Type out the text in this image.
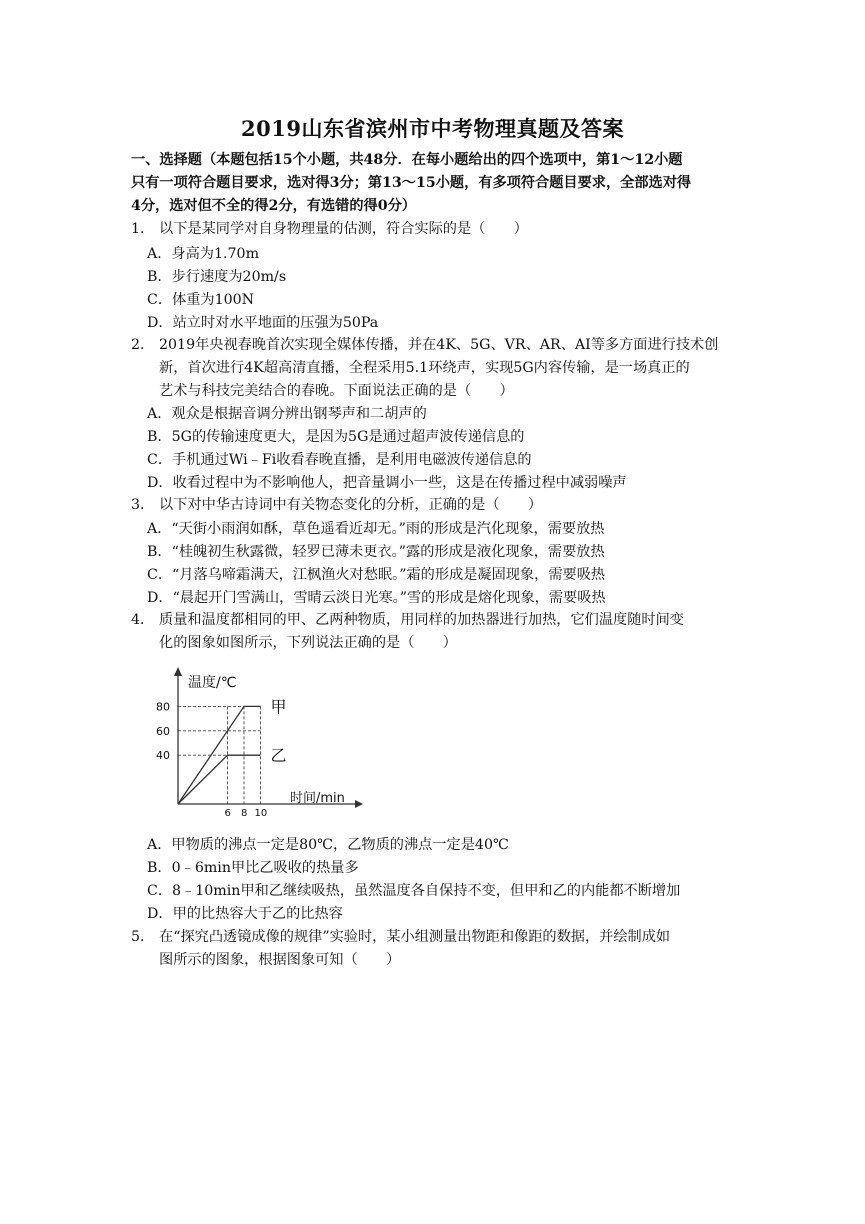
2019山东省滨州市中考物理真题及答案
一、选择题（本题包括15个小题，共48分．在每小题给出的四个选项中，第1～12小题
只有一项符合题目要求，选对得3分；第13～15小题，有多项符合题目要求，全部选对得
4分，选对但不全的得2分，有选错的得0分）
1． 以下是某同学对自身物理量的估测，符合实际的是（　　）
A．身高为1.70m
B．步行速度为20m/s
C．体重为100N
D．站立时对水平地面的压强为50Pa
2． 2019年央视春晚首次实现全媒体传播，并在4K、5G、VR、AR、AI等多方面进行技术创
新，首次进行4K超高清直播，全程采用5.1环绕声，实现5G内容传输，是一场真正的
艺术与科技完美结合的春晚。下面说法正确的是（　　）
A．观众是根据音调分辨出钢琴声和二胡声的
B．5G的传输速度更大，是因为5G是通过超声波传递信息的
C．手机通过Wi﹣Fi收看春晚直播，是利用电磁波传递信息的
D．收看过程中为不影响他人，把音量调小一些，这是在传播过程中减弱噪声
3． 以下对中华古诗词中有关物态变化的分析，正确的是（　　）
A．“天街小雨润如酥，草色遥看近却无。”雨的形成是汽化现象，需要放热
B．“桂魄初生秋露微，轻罗已薄未更衣。”露的形成是液化现象，需要放热
C．“月落乌啼霜满天，江枫渔火对愁眠。”霜的形成是凝固现象，需要吸热
D．“晨起开门雪满山，雪晴云淡日光寒。”雪的形成是熔化现象，需要吸热
4． 质量和温度都相同的甲、乙两种物质，用同样的加热器进行加热，它们温度随时间变
化的图象如图所示，下列说法正确的是（　　）
温度/℃
时间/min
40
60
80
6 8 10
甲
乙
A．甲物质的沸点一定是80℃，乙物质的沸点一定是40℃
B．0﹣6min甲比乙吸收的热量多
C．8﹣10min甲和乙继续吸热，虽然温度各自保持不变，但甲和乙的内能都不断增加
D．甲的比热容大于乙的比热容
5． 在“探究凸透镜成像的规律”实验时，某小组测量出物距和像距的数据，并绘制成如
图所示的图象，根据图象可知（　　）
